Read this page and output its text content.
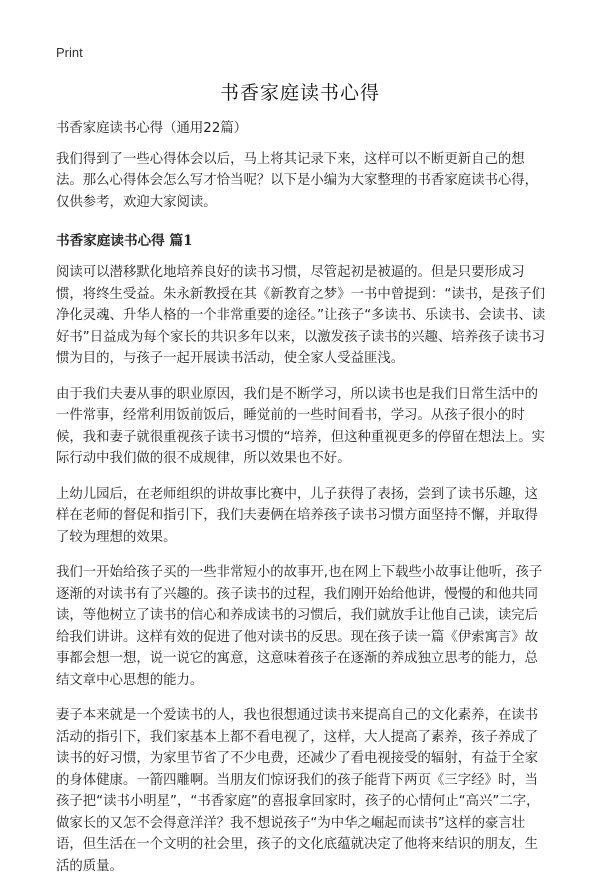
Print
书香家庭读书心得

书香家庭读书心得（通用22篇）

我们得到了一些心得体会以后，马上将其记录下来，这样可以不断更新自己的想法。那么心得体会怎么写才恰当呢？以下是小编为大家整理的书香家庭读书心得，仅供参考，欢迎大家阅读。

书香家庭读书心得 篇1

阅读可以潜移默化地培养良好的读书习惯，尽管起初是被逼的。但是只要形成习惯，将终生受益。朱永新教授在其《新教育之梦》一书中曾提到：“读书，是孩子们净化灵魂、升华人格的一个非常重要的途径。”让孩子“多读书、乐读书、会读书、读好书”日益成为每个家长的共识多年以来，以激发孩子读书的兴趣、培养孩子读书习惯为目的，与孩子一起开展读书活动，使全家人受益匪浅。

由于我们夫妻从事的职业原因，我们是不断学习，所以读书也是我们日常生活中的一件常事，经常利用饭前饭后，睡觉前的一些时间看书，学习。从孩子很小的时候，我和妻子就很重视孩子读书习惯的“培养，但这种重视更多的停留在想法上。实际行动中我们做的很不成规律，所以效果也不好。

上幼儿园后，在老师组织的讲故事比赛中，儿子获得了表扬，尝到了读书乐趣，这样在老师的督促和指引下，我们夫妻俩在培养孩子读书习惯方面坚持不懈，并取得了较为理想的效果。

我们一开始给孩子买的一些非常短小的故事开,也在网上下载些小故事让他听，孩子逐渐的对读书有了兴趣的。孩子读书的过程，我们刚开始给他讲，慢慢的和他共同读，等他树立了读书的信心和养成读书的习惯后，我们就放手让他自己读，读完后给我们讲讲。这样有效的促进了他对读书的反思。现在孩子读一篇《伊索寓言》故事都会想一想，说一说它的寓意，这意味着孩子在逐渐的养成独立思考的能力，总结文章中心思想的能力。

妻子本来就是一个爱读书的人，我也很想通过读书来提高自己的文化素养，在读书活动的指引下，我们家基本上都不看电视了，这样，大人提高了素养，孩子养成了读书的好习惯，为家里节省了不少电费，还减少了看电视接受的辐射，有益于全家的身体健康。一箭四雕啊。当朋友们惊讶我们的孩子能背下两页《三字经》时，当孩子把“读书小明星”，“书香家庭”的喜报拿回家时，孩子的心情何止“高兴”二字，做家长的又怎不会得意洋洋？我不想说孩子“为中华之崛起而读书”这样的豪言壮语，但生活在一个文明的社会里，孩子的文化底蕴就决定了他将来结识的朋友，生活的质量。
